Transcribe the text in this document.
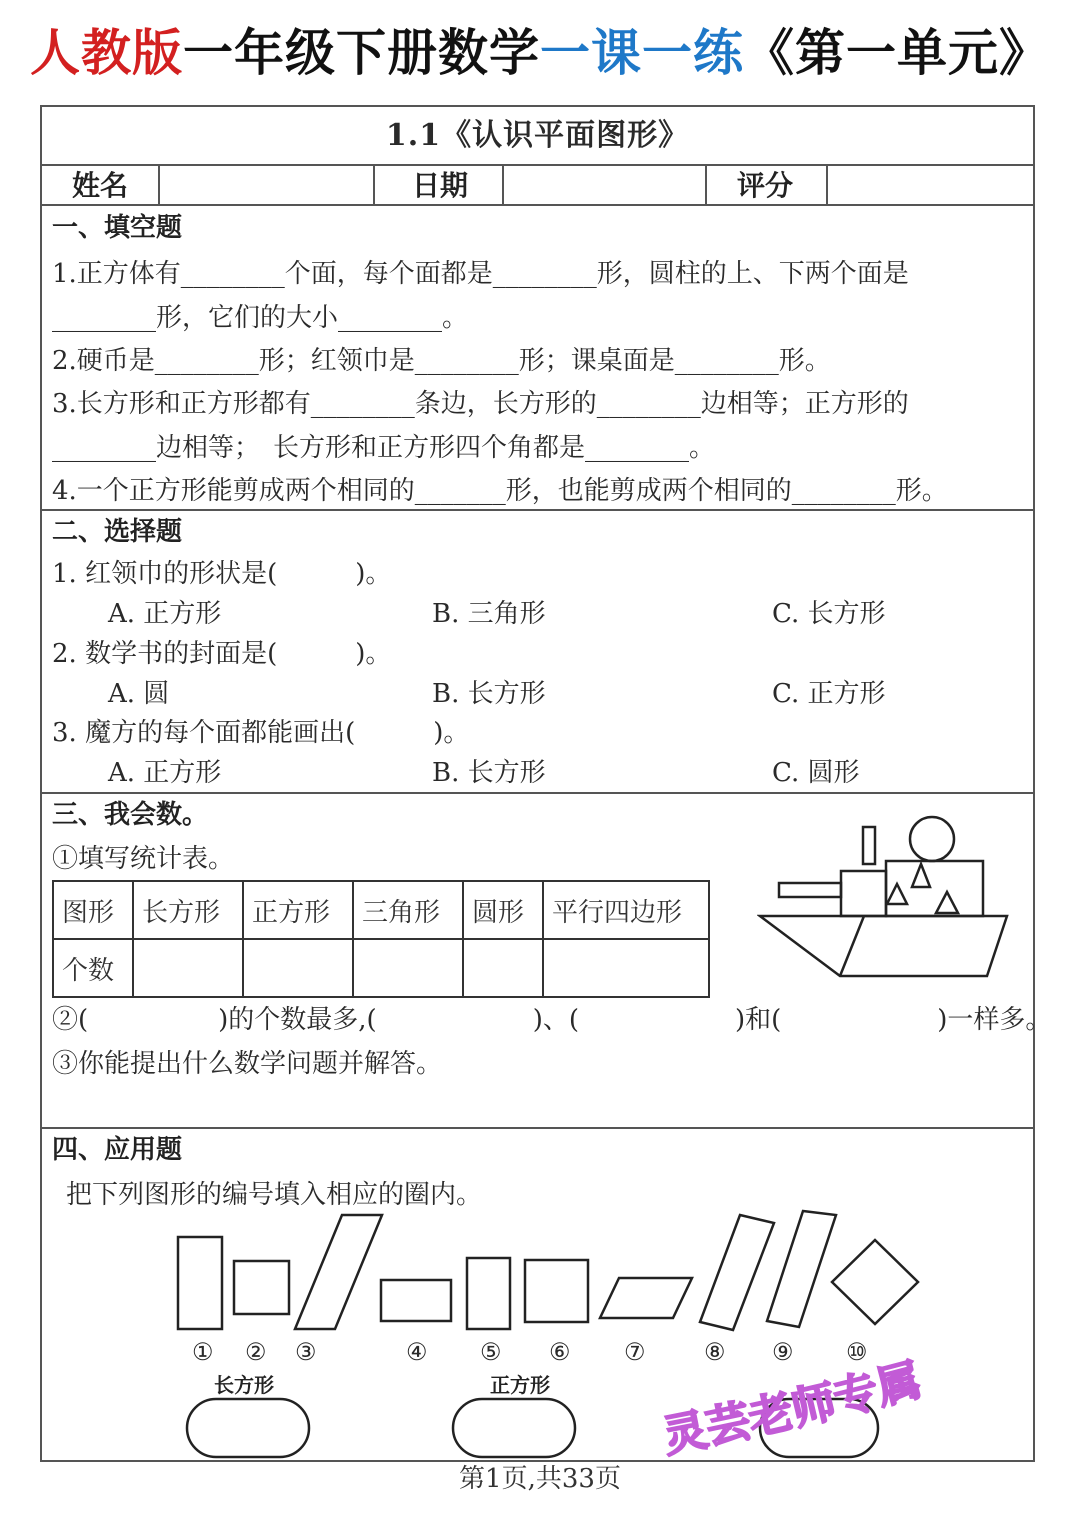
人教版一年级下册数学一课一练《第一单元》
1.1《认识平面图形》
姓名	日期	评分
一、填空题
1.正方体有________个面，每个面都是________形，圆柱的上、下两个面是
________形，它们的大小________。
2.硬币是________形；红领巾是________形；课桌面是________形。
3.长方形和正方形都有________条边，长方形的________边相等；正方形的
________边相等；　长方形和正方形四个角都是________。
4.一个正方形能剪成两个相同的_______形，也能剪成两个相同的________形。
二、选择题
1. 红领巾的形状是(　　　)。
A. 正方形	B. 三角形	C. 长方形
2. 数学书的封面是(　　　)。
A. 圆	B. 长方形	C. 正方形
3. 魔方的每个面都能画出(　　　)。
A. 正方形	B. 长方形	C. 圆形
三、我会数。
①填写统计表。
图形	长方形	正方形	三角形	圆形	平行四边形
个数					
②(　　　　　)的个数最多,(　　　　　　)、(　　　　　　)和(　　　　　　)一样多。
③你能提出什么数学问题并解答。
四、应用题
把下列图形的编号填入相应的圈内。
① ② ③	④ ⑤ ⑥ ⑦ ⑧ ⑨ ⑩
长方形	正方形
灵芸老师专属
第1页,共33页
